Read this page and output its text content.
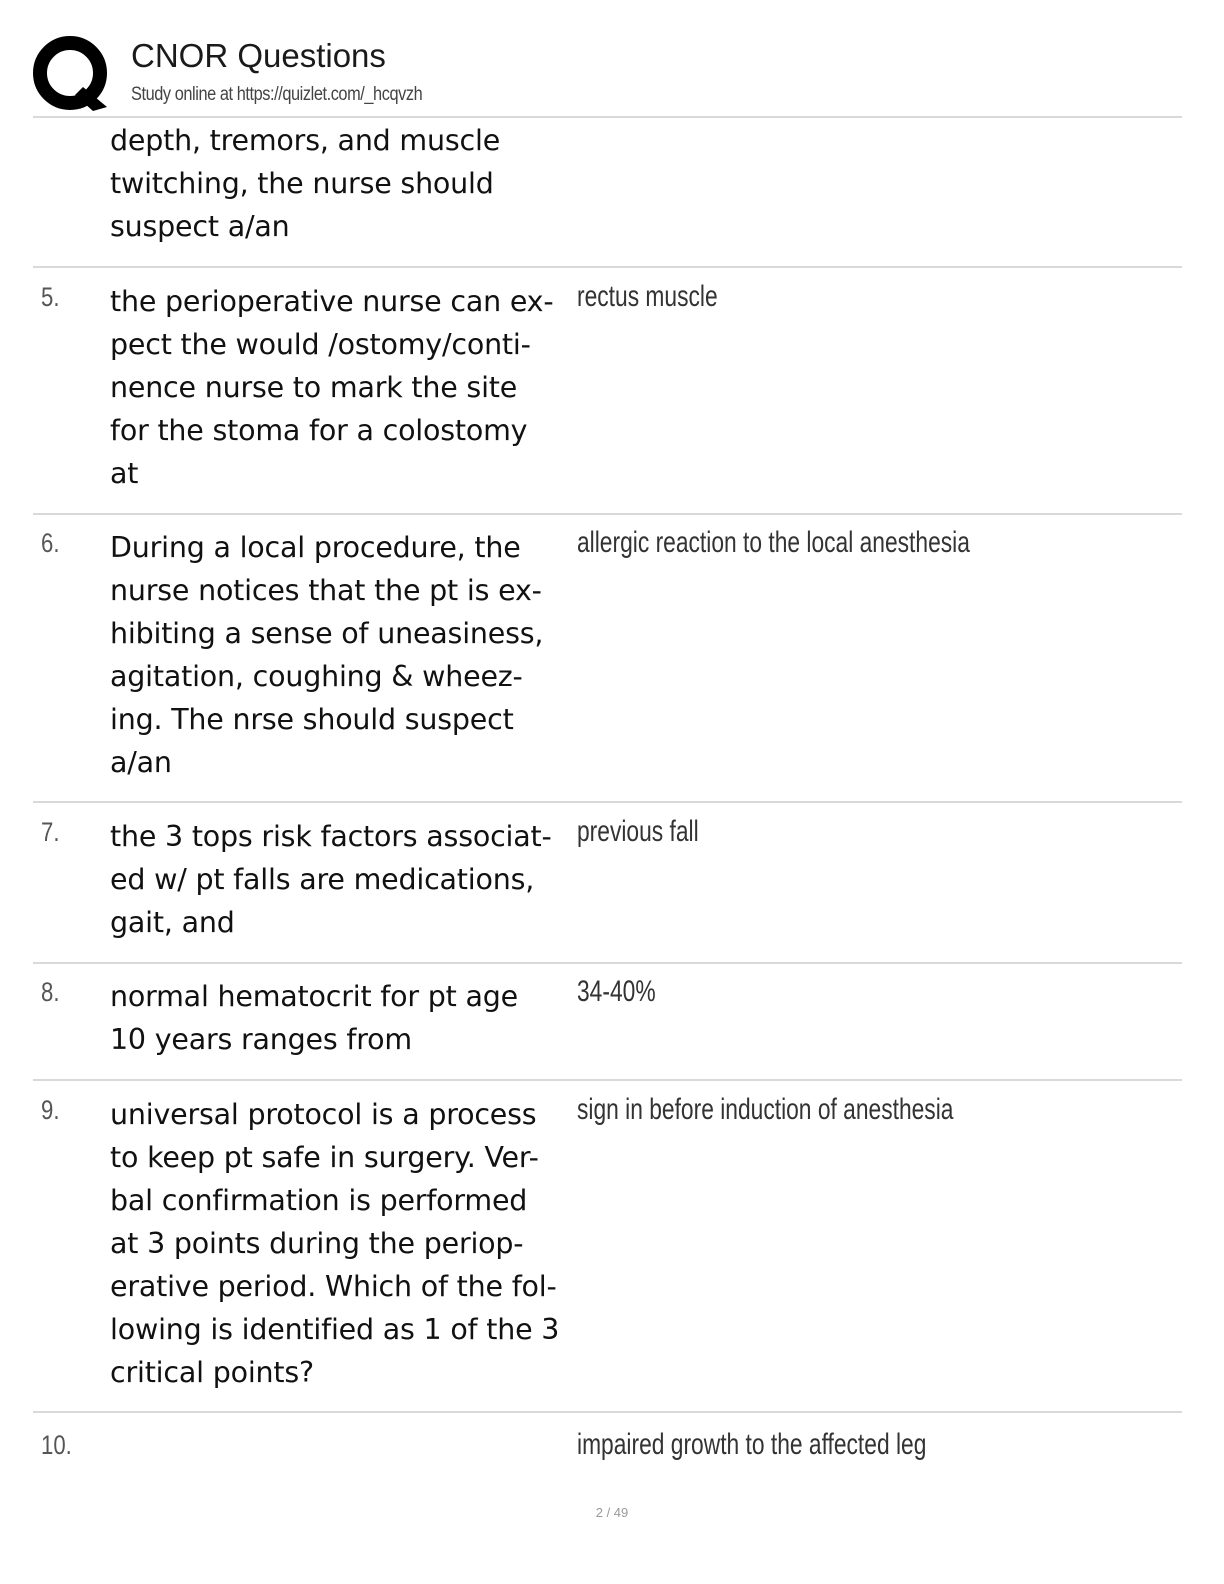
CNOR Questions
Study online at https://quizlet.com/_hcqvzh
depth, tremors, and muscle
twitching, the nurse should
suspect a/an
5. the perioperative nurse can ex-
pect the would /ostomy/conti-
nence nurse to mark the site
for the stoma for a colostomy
at
rectus muscle
6. During a local procedure, the
nurse notices that the pt is ex-
hibiting a sense of uneasiness,
agitation, coughing & wheez-
ing. The nrse should suspect
a/an
allergic reaction to the local anesthesia
7. the 3 tops risk factors associat-
ed w/ pt falls are medications,
gait, and
previous fall
8. normal hematocrit for pt age
10 years ranges from
34-40%
9. universal protocol is a process
to keep pt safe in surgery. Ver-
bal confirmation is performed
at 3 points during the periop-
erative period. Which of the fol-
lowing is identified as 1 of the 3
critical points?
sign in before induction of anesthesia
10.	impaired growth to the affected leg
2 / 49
